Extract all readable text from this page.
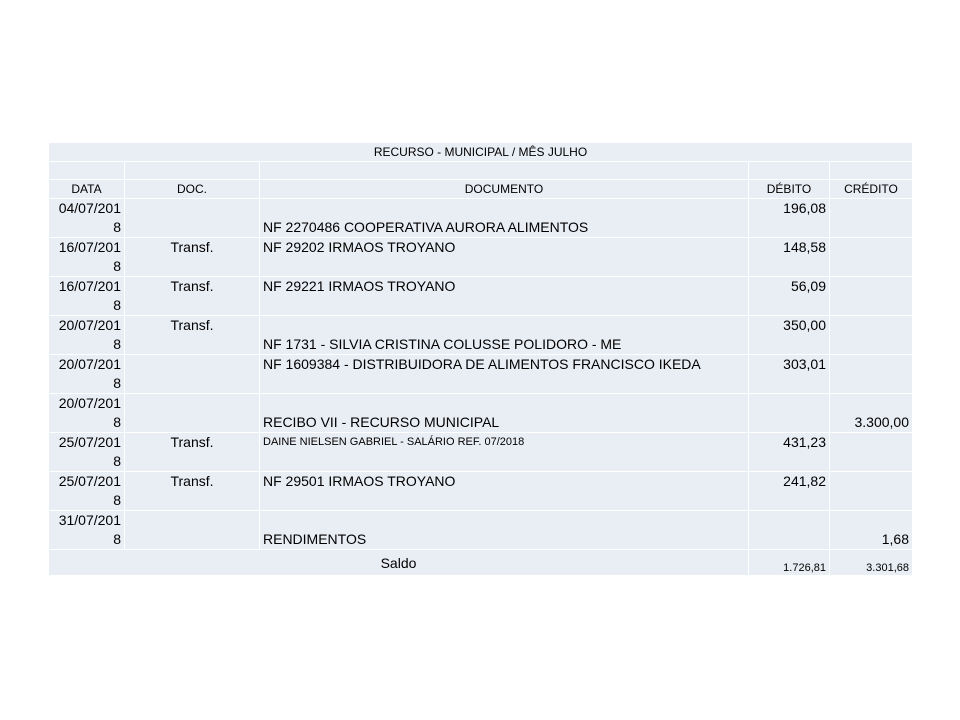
RECURSO - MUNICIPAL / MÊS JULHO				

DATA	DOC.	DOCUMENTO	DÉBITO	CRÉDITO

04/07/201
8		NF 2270486 COOPERATIVA AURORA ALIMENTOS	196,08	

16/07/201
8	Transf.	NF 29202 IRMAOS TROYANO	148,58	

16/07/201
8	Transf.	NF 29221 IRMAOS TROYANO	56,09	

20/07/201
8	Transf.	NF 1731 - SILVIA CRISTINA COLUSSE POLIDORO - ME	350,00	

20/07/201
8		NF 1609384 - DISTRIBUIDORA DE ALIMENTOS FRANCISCO IKEDA	303,01	

20/07/201
8		RECIBO VII - RECURSO MUNICIPAL		3.300,00

25/07/201
8	Transf.	DAINE NIELSEN GABRIEL - SALÁRIO REF. 07/2018	431,23	

25/07/201
8	Transf.	NF 29501 IRMAOS TROYANO	241,82	

31/07/201
8		RENDIMENTOS		1,68
Saldo			1.726,81	3.301,68
